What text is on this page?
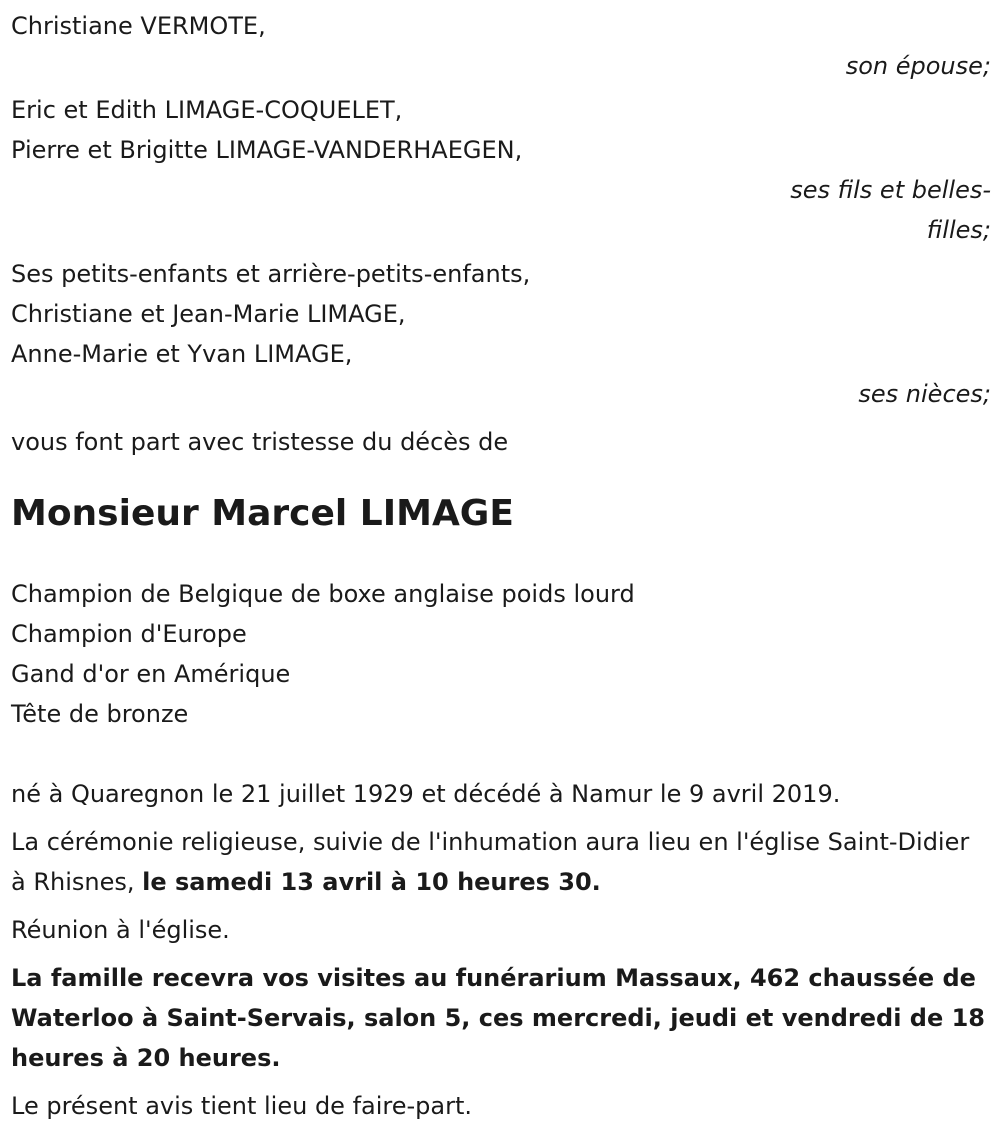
Christiane VERMOTE,
son épouse;
Eric et Edith LIMAGE-COQUELET,
Pierre et Brigitte LIMAGE-VANDERHAEGEN,
ses fils et belles-filles;
Ses petits-enfants et arrière-petits-enfants,
Christiane et Jean-Marie LIMAGE,
Anne-Marie et Yvan LIMAGE,
ses nièces;
vous font part avec tristesse du décès de
Monsieur Marcel LIMAGE
Champion de Belgique de boxe anglaise poids lourd
Champion d'Europe
Gand d'or en Amérique
Tête de bronze
né à Quaregnon le 21 juillet 1929 et décédé à Namur le 9 avril 2019.
La cérémonie religieuse, suivie de l'inhumation aura lieu en l'église Saint-Didier à Rhisnes, le samedi 13 avril à 10 heures 30.
Réunion à l'église.
La famille recevra vos visites au funérarium Massaux, 462 chaussée de Waterloo à Saint-Servais, salon 5, ces mercredi, jeudi et vendredi de 18 heures à 20 heures.
Le présent avis tient lieu de faire-part.
